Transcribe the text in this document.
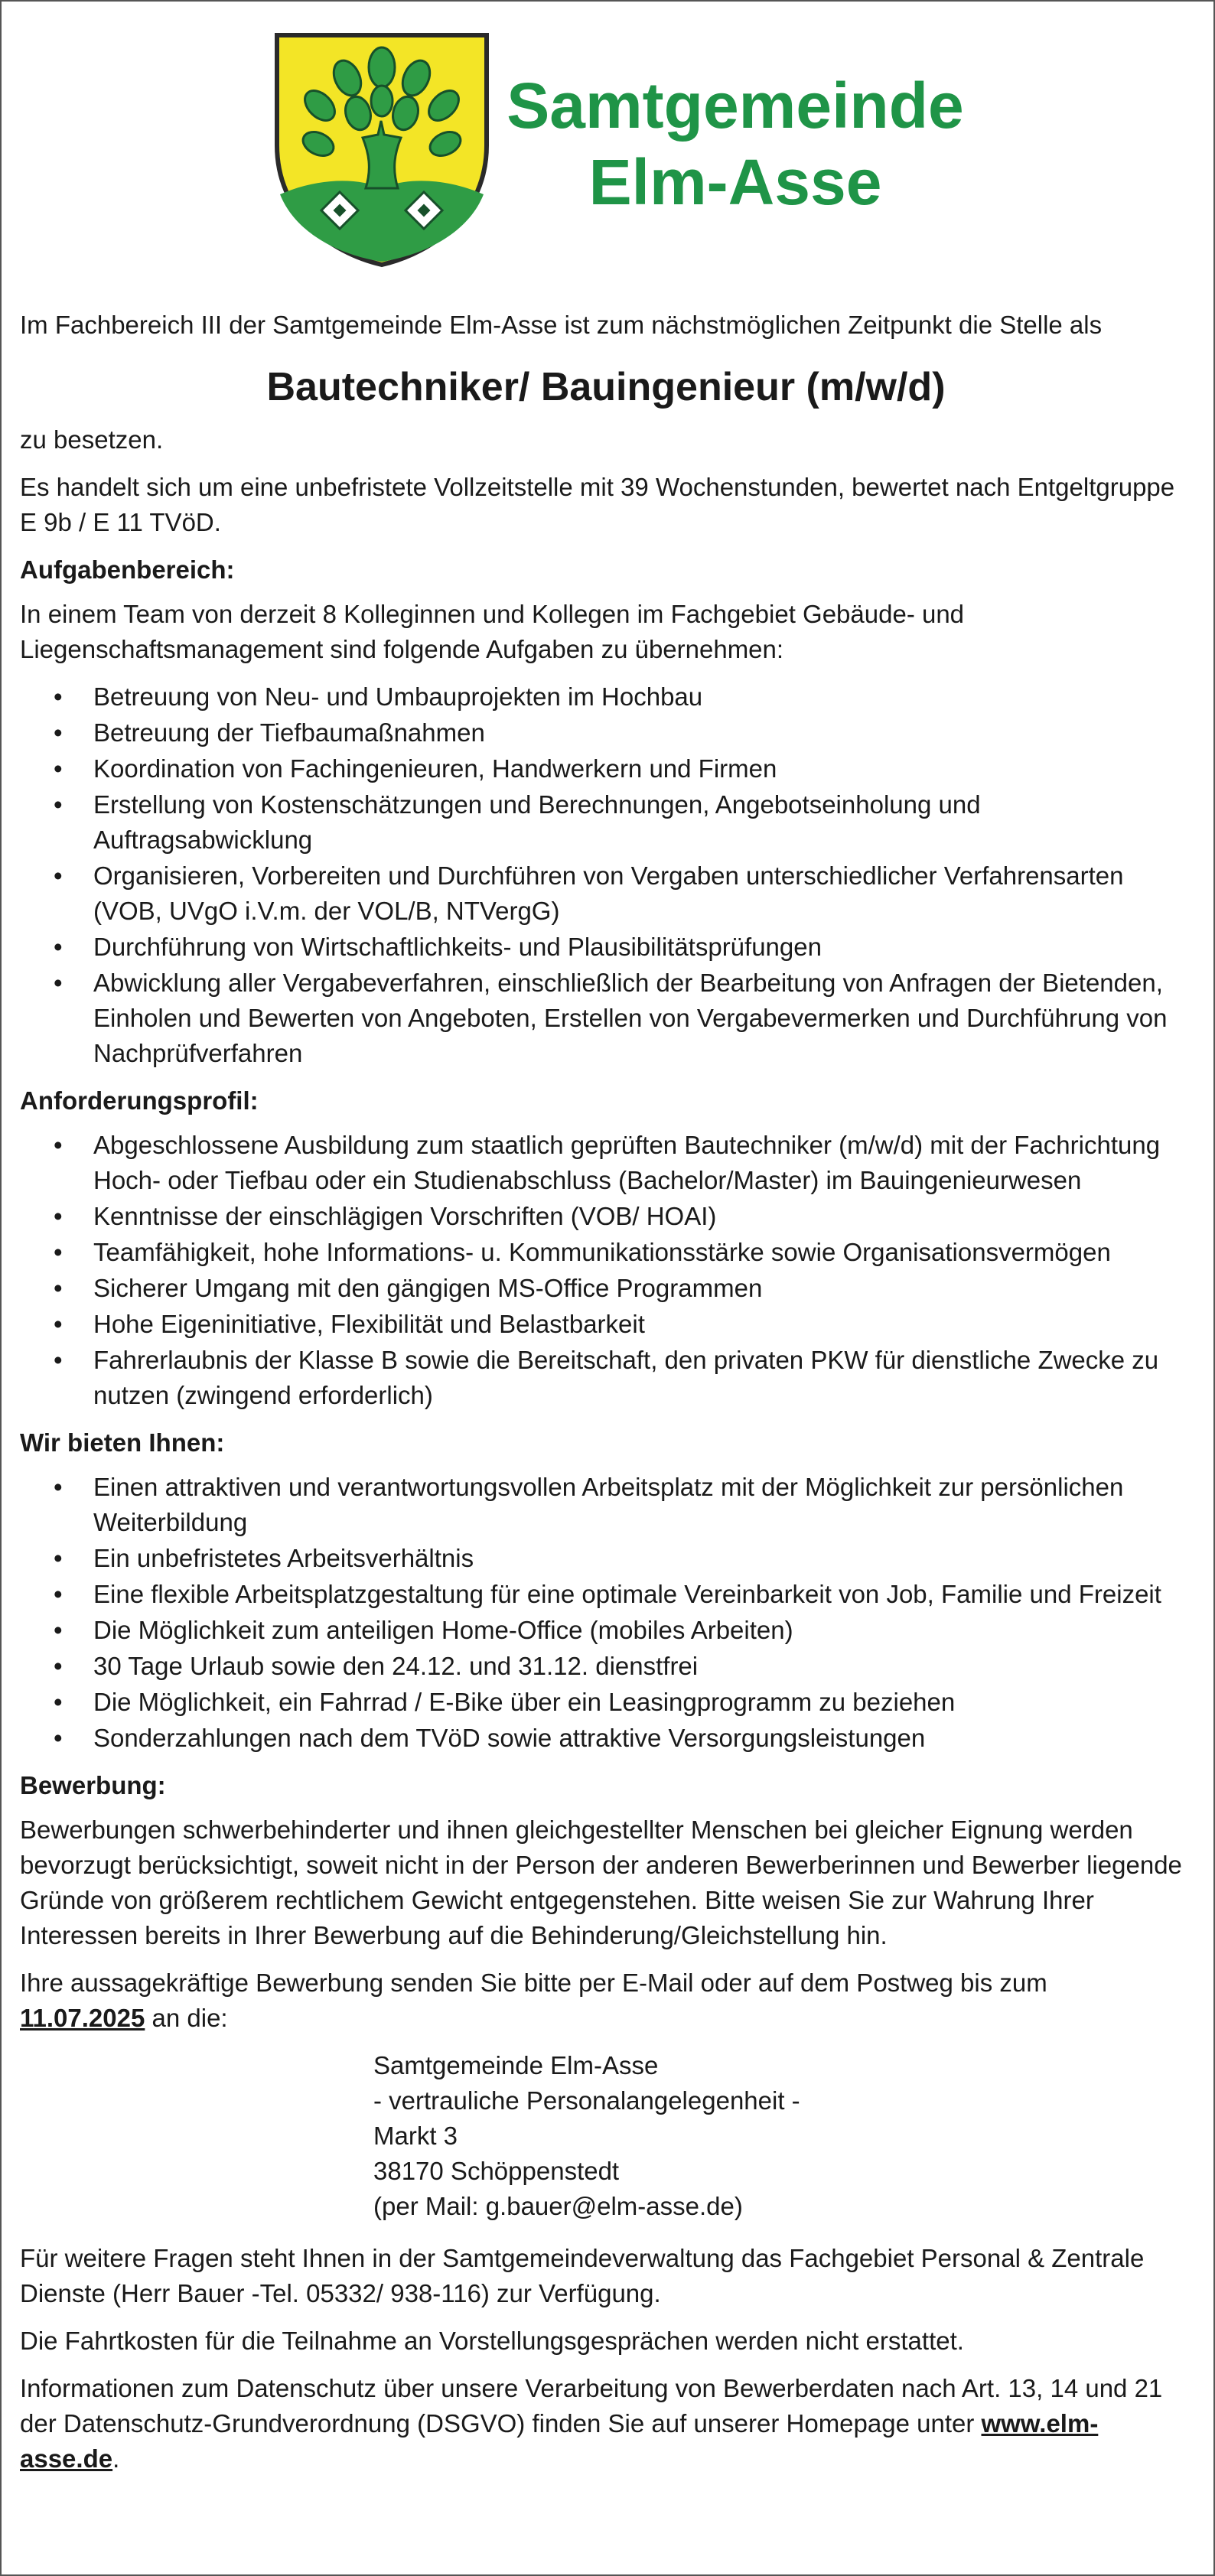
Samtgemeinde
Elm-Asse

Im Fachbereich III der Samtgemeinde Elm-Asse ist zum nächstmöglichen Zeitpunkt die Stelle als

Bautechniker/ Bauingenieur (m/w/d)

zu besetzen.

Es handelt sich um eine unbefristete Vollzeitstelle mit 39 Wochenstunden, bewertet nach Entgeltgruppe E 9b / E 11 TVöD.

Aufgabenbereich:

In einem Team von derzeit 8 Kolleginnen und Kollegen im Fachgebiet Gebäude- und Liegenschaftsmanagement sind folgende Aufgaben zu übernehmen:

• Betreuung von Neu- und Umbauprojekten im Hochbau
• Betreuung der Tiefbaumaßnahmen
• Koordination von Fachingenieuren, Handwerkern und Firmen
• Erstellung von Kostenschätzungen und Berechnungen, Angebotseinholung und Auftragsabwicklung
• Organisieren, Vorbereiten und Durchführen von Vergaben unterschiedlicher Verfahrensarten (VOB, UVgO i.V.m. der VOL/B, NTVergG)
• Durchführung von Wirtschaftlichkeits- und Plausibilitätsprüfungen
• Abwicklung aller Vergabeverfahren, einschließlich der Bearbeitung von Anfragen der Bietenden, Einholen und Bewerten von Angeboten, Erstellen von Vergabevermerken und Durchführung von Nachprüfverfahren
Anforderungsprofil:
• Abgeschlossene Ausbildung zum staatlich geprüften Bautechniker (m/w/d) mit der Fachrichtung Hoch- oder Tiefbau oder ein Studienabschluss (Bachelor/Master) im Bauingenieurwesen
• Kenntnisse der einschlägigen Vorschriften (VOB/ HOAI)
• Teamfähigkeit, hohe Informations- u. Kommunikationsstärke sowie Organisationsvermögen
• Sicherer Umgang mit den gängigen MS-Office Programmen
• Hohe Eigeninitiative, Flexibilität und Belastbarkeit
• Fahrerlaubnis der Klasse B sowie die Bereitschaft, den privaten PKW für dienstliche Zwecke zu nutzen (zwingend erforderlich)
Wir bieten Ihnen:
• Einen attraktiven und verantwortungsvollen Arbeitsplatz mit der Möglichkeit zur persönlichen Weiterbildung
• Ein unbefristetes Arbeitsverhältnis
• Eine flexible Arbeitsplatzgestaltung für eine optimale Vereinbarkeit von Job, Familie und Freizeit
• Die Möglichkeit zum anteiligen Home-Office (mobiles Arbeiten)
• 30 Tage Urlaub sowie den 24.12. und 31.12. dienstfrei
• Die Möglichkeit, ein Fahrrad / E-Bike über ein Leasingprogramm zu beziehen
• Sonderzahlungen nach dem TVöD sowie attraktive Versorgungsleistungen
Bewerbung:

Bewerbungen schwerbehinderter und ihnen gleichgestellter Menschen bei gleicher Eignung werden bevorzugt berücksichtigt, soweit nicht in der Person der anderen Bewerberinnen und Bewerber liegende Gründe von größerem rechtlichem Gewicht entgegenstehen. Bitte weisen Sie zur Wahrung Ihrer Interessen bereits in Ihrer Bewerbung auf die Behinderung/Gleichstellung hin.

Ihre aussagekräftige Bewerbung senden Sie bitte per E-Mail oder auf dem Postweg bis zum
11.07.2025 an die:

Samtgemeinde Elm-Asse
- vertrauliche Personalangelegenheit -
Markt 3
38170 Schöppenstedt
(per Mail: g.bauer@elm-asse.de)

Für weitere Fragen steht Ihnen in der Samtgemeindeverwaltung das Fachgebiet Personal & Zentrale Dienste (Herr Bauer -Tel. 05332/ 938-116) zur Verfügung.

Die Fahrtkosten für die Teilnahme an Vorstellungsgesprächen werden nicht erstattet.

Informationen zum Datenschutz über unsere Verarbeitung von Bewerberdaten nach Art. 13, 14 und 21 der Datenschutz-Grundverordnung (DSGVO) finden Sie auf unserer Homepage unter www.elm-asse.de.
